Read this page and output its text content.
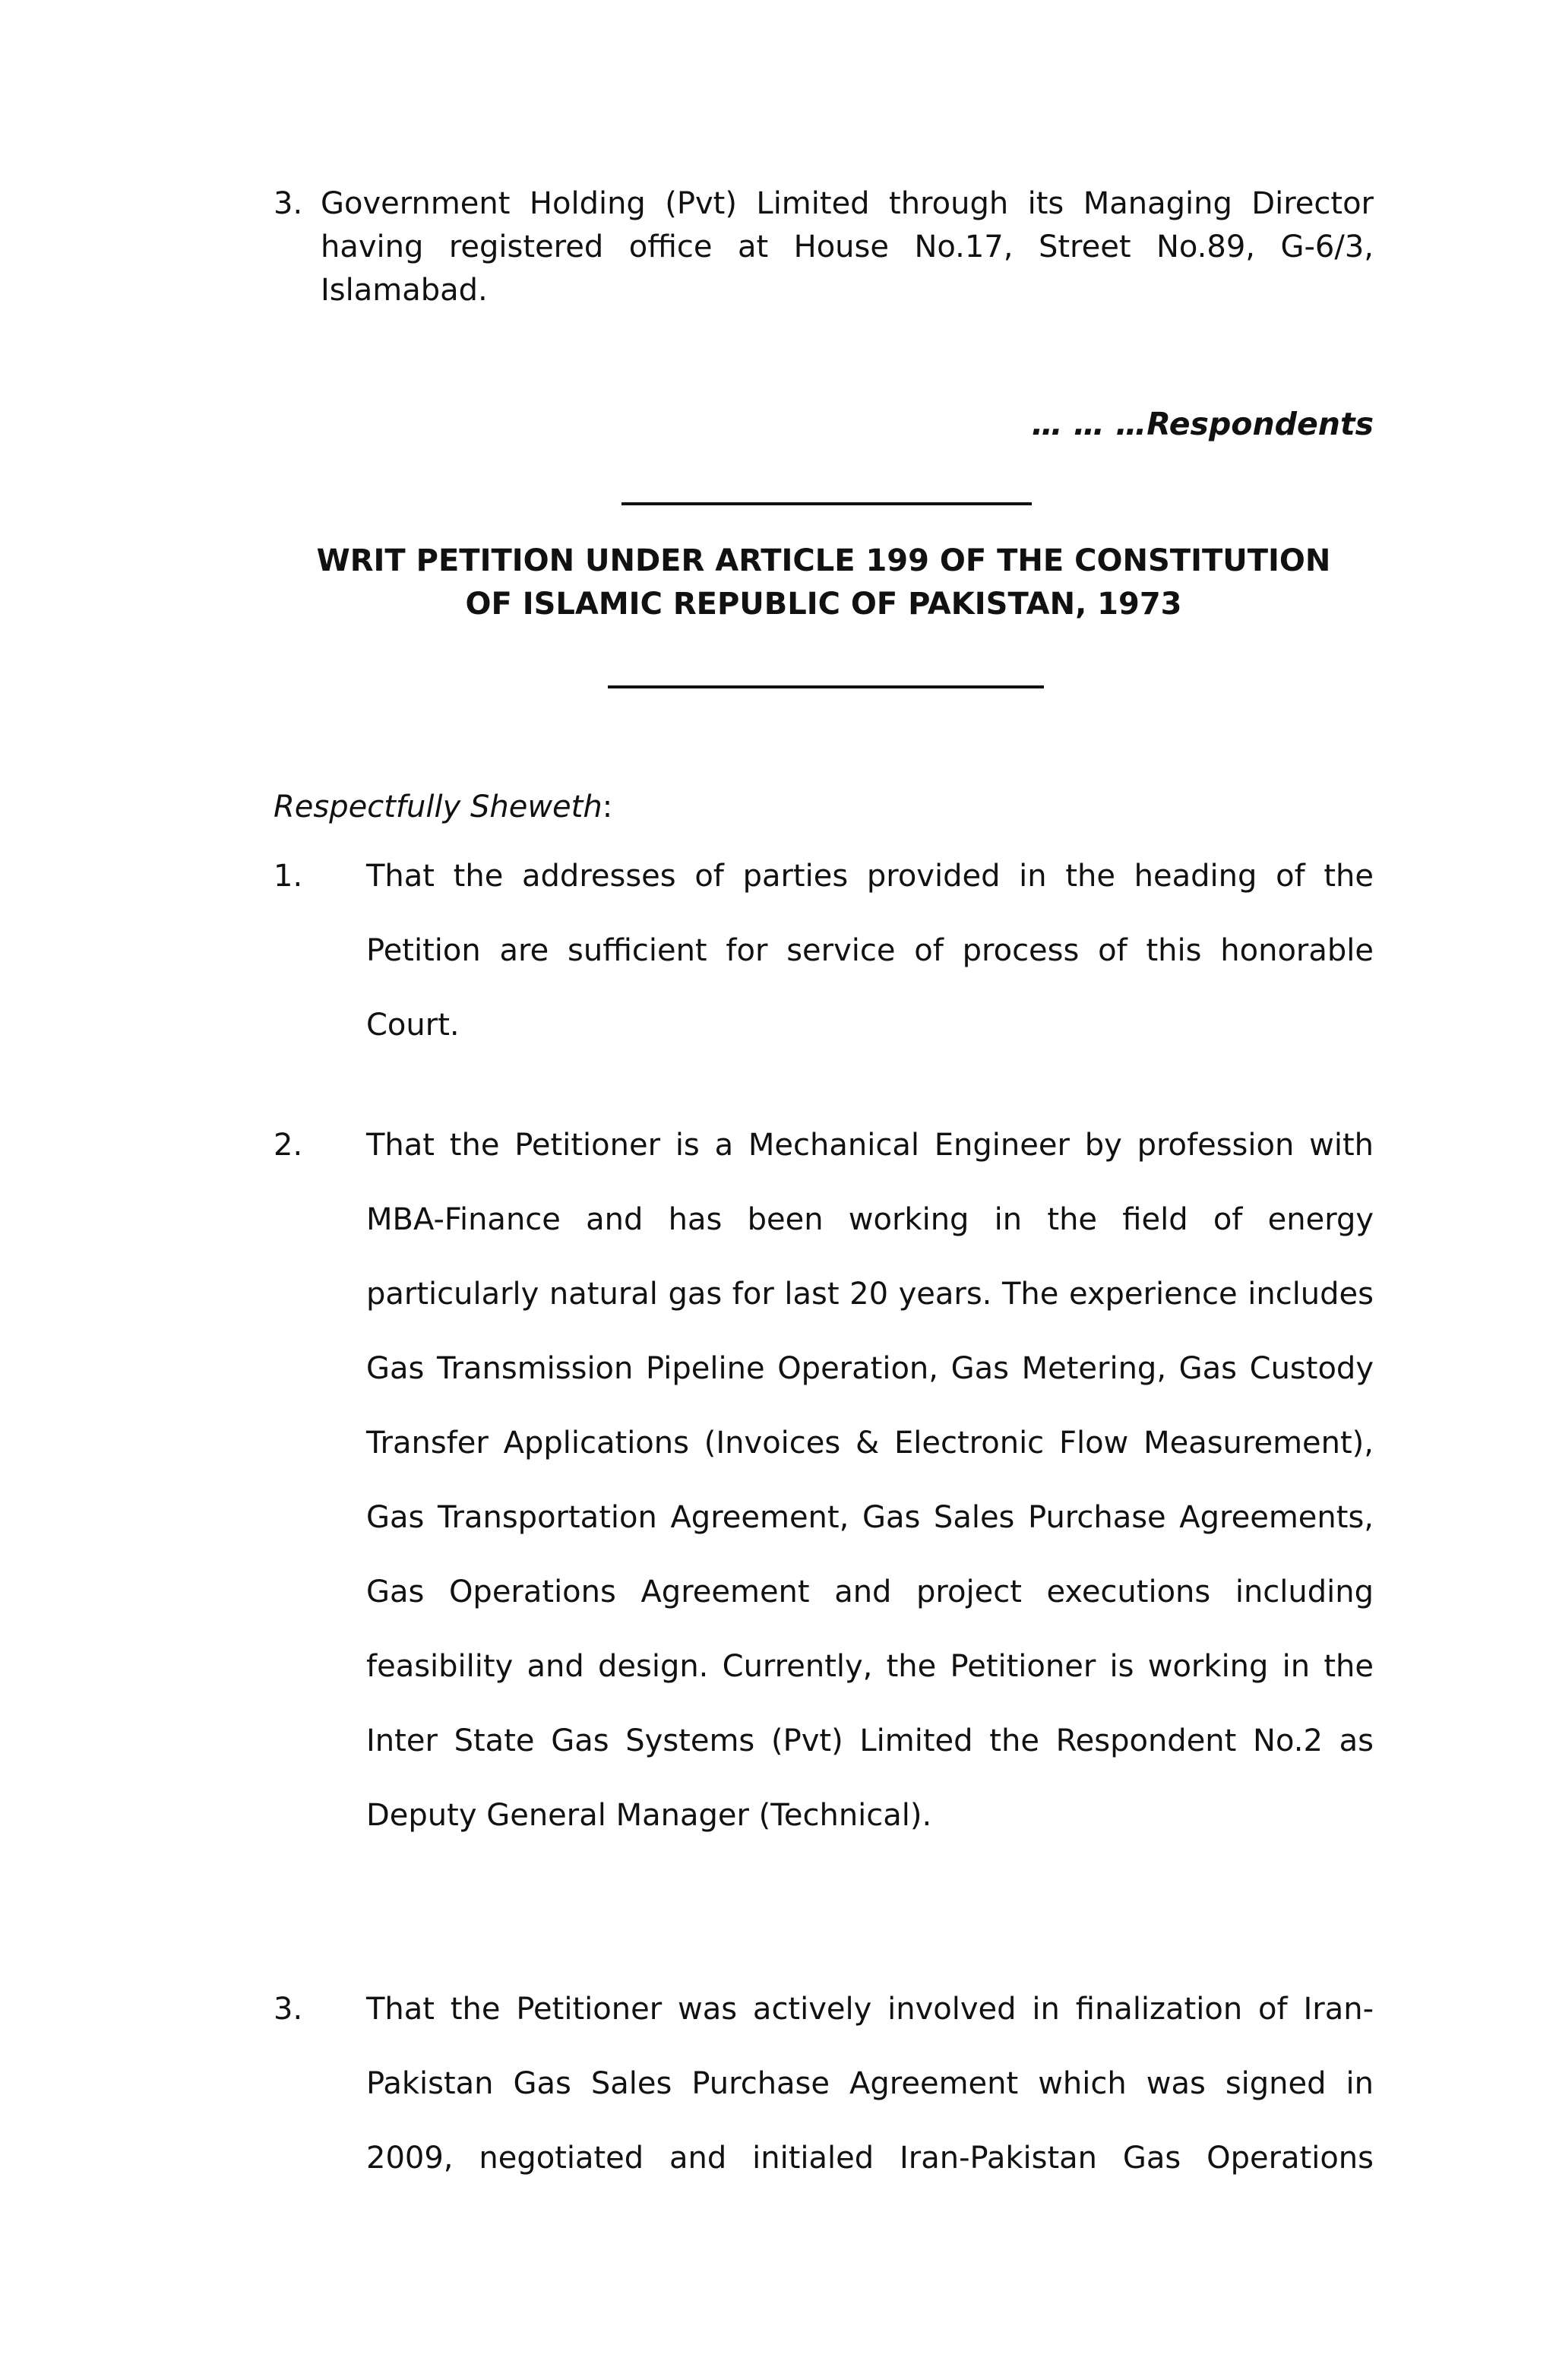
3. Government Holding (Pvt) Limited through its Managing Director having registered office at House No.17, Street No.89, G-6/3, Islamabad.
… … …Respondents
WRIT PETITION UNDER ARTICLE 199 OF THE CONSTITUTION
OF ISLAMIC REPUBLIC OF PAKISTAN, 1973
Respectfully Sheweth:
1. That the addresses of parties provided in the heading of the Petition are sufficient for service of process of this honorable Court.
2. That the Petitioner is a Mechanical Engineer by profession with MBA-Finance and has been working in the field of energy particularly natural gas for last 20 years. The experience includes Gas Transmission Pipeline Operation, Gas Metering, Gas Custody Transfer Applications (Invoices & Electronic Flow Measurement), Gas Transportation Agreement, Gas Sales Purchase Agreements, Gas Operations Agreement and project executions including feasibility and design. Currently, the Petitioner is working in the Inter State Gas Systems (Pvt) Limited the Respondent No.2 as Deputy General Manager (Technical).
3. That the Petitioner was actively involved in finalization of Iran-Pakistan Gas Sales Purchase Agreement which was signed in 2009, negotiated and initialed Iran-Pakistan Gas Operations
